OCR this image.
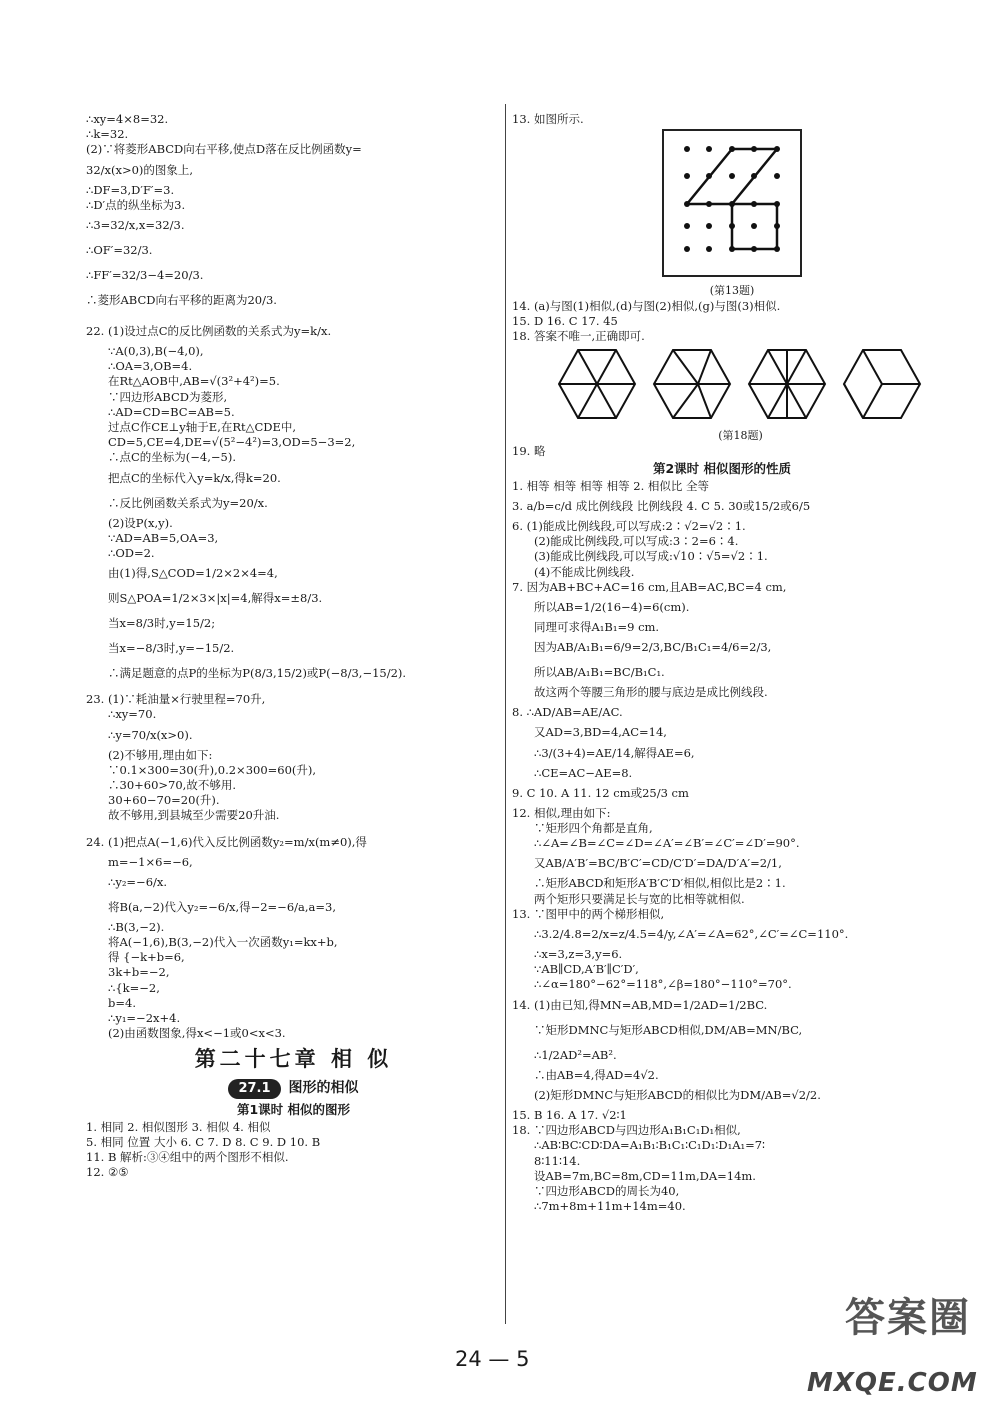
∴xy=4×8=32.
∴k=32.
(2)∵将菱形ABCD向右平移,使点D落在反比例函数y=
32/x(x>0)的图象上,
∴DF=3,D′F′=3.
∴D′点的纵坐标为3.
∴3=32/x,x=32/3.
∴OF′=32/3.
∴FF′=32/3−4=20/3.
∴菱形ABCD向右平移的距离为20/3.
22. (1)设过点C的反比例函数的关系式为y=k/x.
∵A(0,3),B(−4,0),
∴OA=3,OB=4.
在Rt△AOB中,AB=√(3²+4²)=5.
∵四边形ABCD为菱形,
∴AD=CD=BC=AB=5.
过点C作CE⊥y轴于E,在Rt△CDE中,
CD=5,CE=4,DE=√(5²−4²)=3,OD=5−3=2,
∴点C的坐标为(−4,−5).
把点C的坐标代入y=k/x,得k=20.
∴反比例函数关系式为y=20/x.
(2)设P(x,y).
∵AD=AB=5,OA=3,
∴OD=2.
由(1)得,S△COD=1/2×2×4=4,
则S△POA=1/2×3×|x|=4,解得x=±8/3.
当x=8/3时,y=15/2;
当x=−8/3时,y=−15/2.
∴满足题意的点P的坐标为P(8/3,15/2)或P(−8/3,−15/2).
23. (1)∵耗油量×行驶里程=70升,
∴xy=70.
∴y=70/x(x>0).
(2)不够用,理由如下:
∵0.1×300=30(升),0.2×300=60(升),
∴30+60>70,故不够用.
30+60−70=20(升).
故不够用,到县城至少需要20升油.
24. (1)把点A(−1,6)代入反比例函数y₂=m/x(m≠0),得
m=−1×6=−6,
∴y₂=−6/x.
将B(a,−2)代入y₂=−6/x,得−2=−6/a,a=3,
∴B(3,−2).
将A(−1,6),B(3,−2)代入一次函数y₁=kx+b,
得 {−k+b=6,
3k+b=−2,
∴{k=−2,
b=4.
∴y₁=−2x+4.
(2)由函数图象,得x<−1或0<x<3.
第二十七章 相 似
27.1 图形的相似
第1课时 相似的图形
1. 相同 2. 相似图形 3. 相似 4. 相似
5. 相同 位置 大小 6. C 7. D 8. C 9. D 10. B
11. B 解析:③④组中的两个图形不相似.
12. ②⑤
13. 如图所示.
(第13题)
14. (a)与图(1)相似,(d)与图(2)相似,(g)与图(3)相似.
15. D 16. C 17. 45
18. 答案不唯一,正确即可.
(第18题)
19. 略
第2课时 相似图形的性质
1. 相等 相等 相等 相等 2. 相似比 全等
3. a/b=c/d 成比例线段 比例线段 4. C 5. 30或15/2或6/5
6. (1)能成比例线段,可以写成:2∶√2=√2∶1.
(2)能成比例线段,可以写成:3∶2=6∶4.
(3)能成比例线段,可以写成:√10∶√5=√2∶1.
(4)不能成比例线段.
7. 因为AB+BC+AC=16 cm,且AB=AC,BC=4 cm,
所以AB=1/2(16−4)=6(cm).
同理可求得A₁B₁=9 cm.
因为AB/A₁B₁=6/9=2/3,BC/B₁C₁=4/6=2/3,
所以AB/A₁B₁=BC/B₁C₁.
故这两个等腰三角形的腰与底边是成比例线段.
8. ∴AD/AB=AE/AC.
又AD=3,BD=4,AC=14,
∴3/(3+4)=AE/14,解得AE=6,
∴CE=AC−AE=8.
9. C 10. A 11. 12 cm或25/3 cm
12. 相似,理由如下:
∵矩形四个角都是直角,
∴∠A=∠B=∠C=∠D=∠A′=∠B′=∠C′=∠D′=90°.
又AB/A′B′=BC/B′C′=CD/C′D′=DA/D′A′=2/1,
∴矩形ABCD和矩形A′B′C′D′相似,相似比是2∶1.
两个矩形只要满足长与宽的比相等就相似.
13. ∵图甲中的两个梯形相似,
∴3.2/4.8=2/x=z/4.5=4/y,∠A′=∠A=62°,∠C′=∠C=110°.
∴x=3,z=3,y=6.
∵AB∥CD,A′B′∥C′D′,
∴∠α=180°−62°=118°,∠β=180°−110°=70°.
14. (1)由已知,得MN=AB,MD=1/2AD=1/2BC.
∵矩形DMNC与矩形ABCD相似,DM/AB=MN/BC,
∴1/2AD²=AB².
∴由AB=4,得AD=4√2.
(2)矩形DMNC与矩形ABCD的相似比为DM/AB=√2/2.
15. B 16. A 17. √2∶1
18. ∵四边形ABCD与四边形A₁B₁C₁D₁相似,
∴AB∶BC∶CD∶DA=A₁B₁∶B₁C₁∶C₁D₁∶D₁A₁=7∶
8∶11∶14.
设AB=7m,BC=8m,CD=11m,DA=14m.
∵四边形ABCD的周长为40,
∴7m+8m+11m+14m=40.
24 — 5
答案圈
MXQE.COM
